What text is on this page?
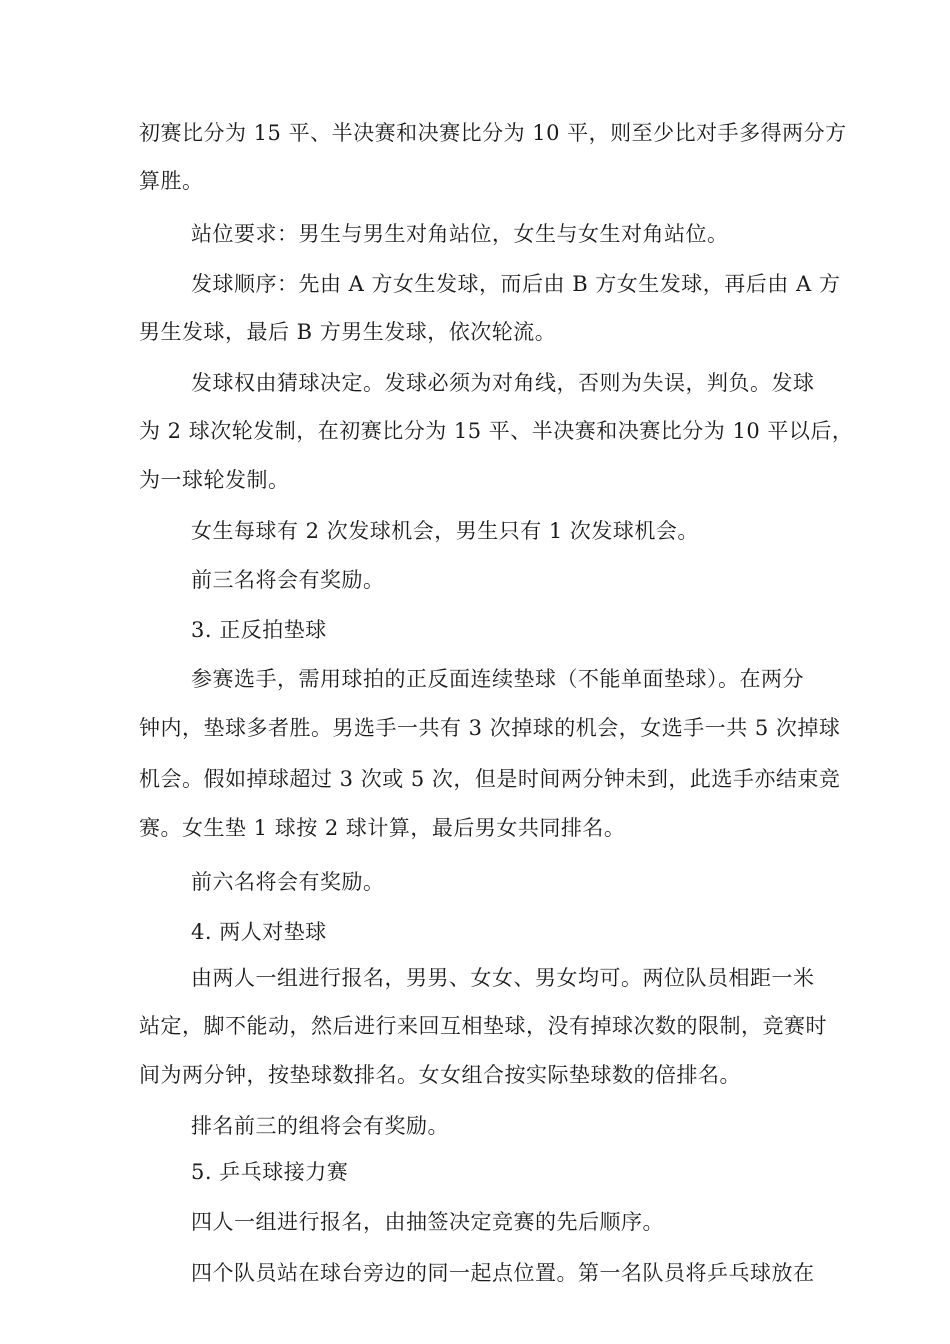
初赛比分为 15 平、半决赛和决赛比分为 10 平，则至少比对手多得两分方
算胜。
站位要求：男生与男生对角站位，女生与女生对角站位。
发球顺序：先由 A 方女生发球，而后由 B 方女生发球，再后由 A 方
男生发球，最后 B 方男生发球，依次轮流。
发球权由猜球决定。发球必须为对角线，否则为失误，判负。发球
为 2 球次轮发制，在初赛比分为 15 平、半决赛和决赛比分为 10 平以后，
为一球轮发制。
女生每球有 2 次发球机会，男生只有 1 次发球机会。
前三名将会有奖励。
3. 正反拍垫球
参赛选手，需用球拍的正反面连续垫球（不能单面垫球）。在两分
钟内，垫球多者胜。男选手一共有 3 次掉球的机会，女选手一共 5 次掉球
机会。假如掉球超过 3 次或 5 次，但是时间两分钟未到，此选手亦结束竞
赛。女生垫 1 球按 2 球计算，最后男女共同排名。
前六名将会有奖励。
4. 两人对垫球
由两人一组进行报名，男男、女女、男女均可。两位队员相距一米
站定，脚不能动，然后进行来回互相垫球，没有掉球次数的限制，竞赛时
间为两分钟，按垫球数排名。女女组合按实际垫球数的倍排名。
排名前三的组将会有奖励。
5. 乒乓球接力赛
四人一组进行报名，由抽签决定竞赛的先后顺序。
四个队员站在球台旁边的同一起点位置。第一名队员将乒乓球放在
